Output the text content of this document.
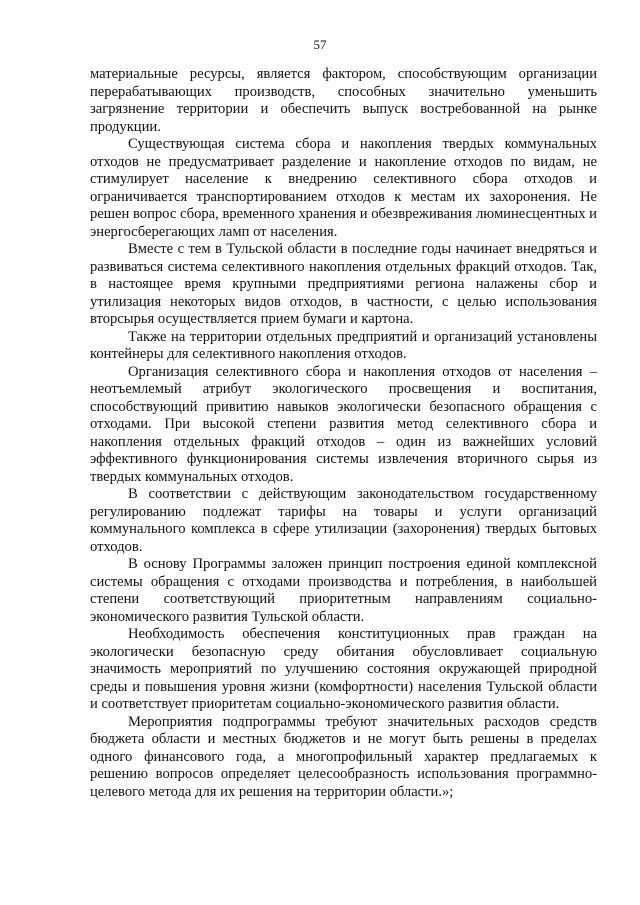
57

материальные ресурсы, является фактором, способствующим организации перерабатывающих производств, способных значительно уменьшить загрязнение территории и обеспечить выпуск востребованной на рынке продукции.

Существующая система сбора и накопления твердых коммунальных отходов не предусматривает разделение и накопление отходов по видам, не стимулирует население к внедрению селективного сбора отходов и ограничивается транспортированием отходов к местам их захоронения. Не решен вопрос сбора, временного хранения и обезвреживания люминесцентных и энергосберегающих ламп от населения.

Вместе с тем в Тульской области в последние годы начинает внедряться и развиваться система селективного накопления отдельных фракций отходов. Так, в настоящее время крупными предприятиями региона налажены сбор и утилизация некоторых видов отходов, в частности, с целью использования вторсырья осуществляется прием бумаги и картона.

Также на территории отдельных предприятий и организаций установлены контейнеры для селективного накопления отходов.

Организация селективного сбора и накопления отходов от населения – неотъемлемый атрибут экологического просвещения и воспитания, способствующий привитию навыков экологически безопасного обращения с отходами. При высокой степени развития метод селективного сбора и накопления отдельных фракций отходов – один из важнейших условий эффективного функционирования системы извлечения вторичного сырья из твердых коммунальных отходов.

В соответствии с действующим законодательством государственному регулированию подлежат тарифы на товары и услуги организаций коммунального комплекса в сфере утилизации (захоронения) твердых бытовых отходов.

В основу Программы заложен принцип построения единой комплексной системы обращения с отходами производства и потребления, в наибольшей степени соответствующий приоритетным направлениям социально-экономического развития Тульской области.

Необходимость обеспечения конституционных прав граждан на экологически безопасную среду обитания обусловливает социальную значимость мероприятий по улучшению состояния окружающей природной среды и повышения уровня жизни (комфортности) населения Тульской области и соответствует приоритетам социально-экономического развития области.

Мероприятия подпрограммы требуют значительных расходов средств бюджета области и местных бюджетов и не могут быть решены в пределах одного финансового года, а многопрофильный характер предлагаемых к решению вопросов определяет целесообразность использования программно-целевого метода для их решения на территории области.»;
